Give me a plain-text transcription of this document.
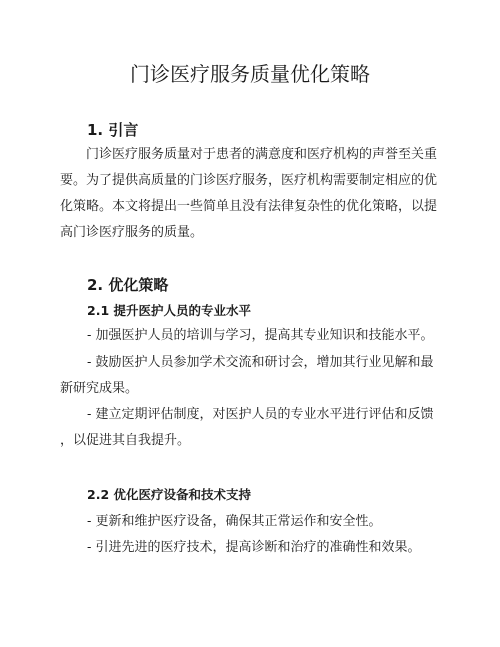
门诊医疗服务质量优化策略
1. 引言

门诊医疗服务质量对于患者的满意度和医疗机构的声誉至关重

要。为了提供高质量的门诊医疗服务，医疗机构需要制定相应的优

化策略。本文将提出一些简单且没有法律复杂性的优化策略，以提

高门诊医疗服务的质量。

2. 优化策略
2.1 提升医护人员的专业水平

- 加强医护人员的培训与学习，提高其专业知识和技能水平。

- 鼓励医护人员参加学术交流和研讨会，增加其行业见解和最

新研究成果。

- 建立定期评估制度，对医护人员的专业水平进行评估和反馈

，以促进其自我提升。

2.2 优化医疗设备和技术支持

- 更新和维护医疗设备，确保其正常运作和安全性。

- 引进先进的医疗技术，提高诊断和治疗的准确性和效果。
